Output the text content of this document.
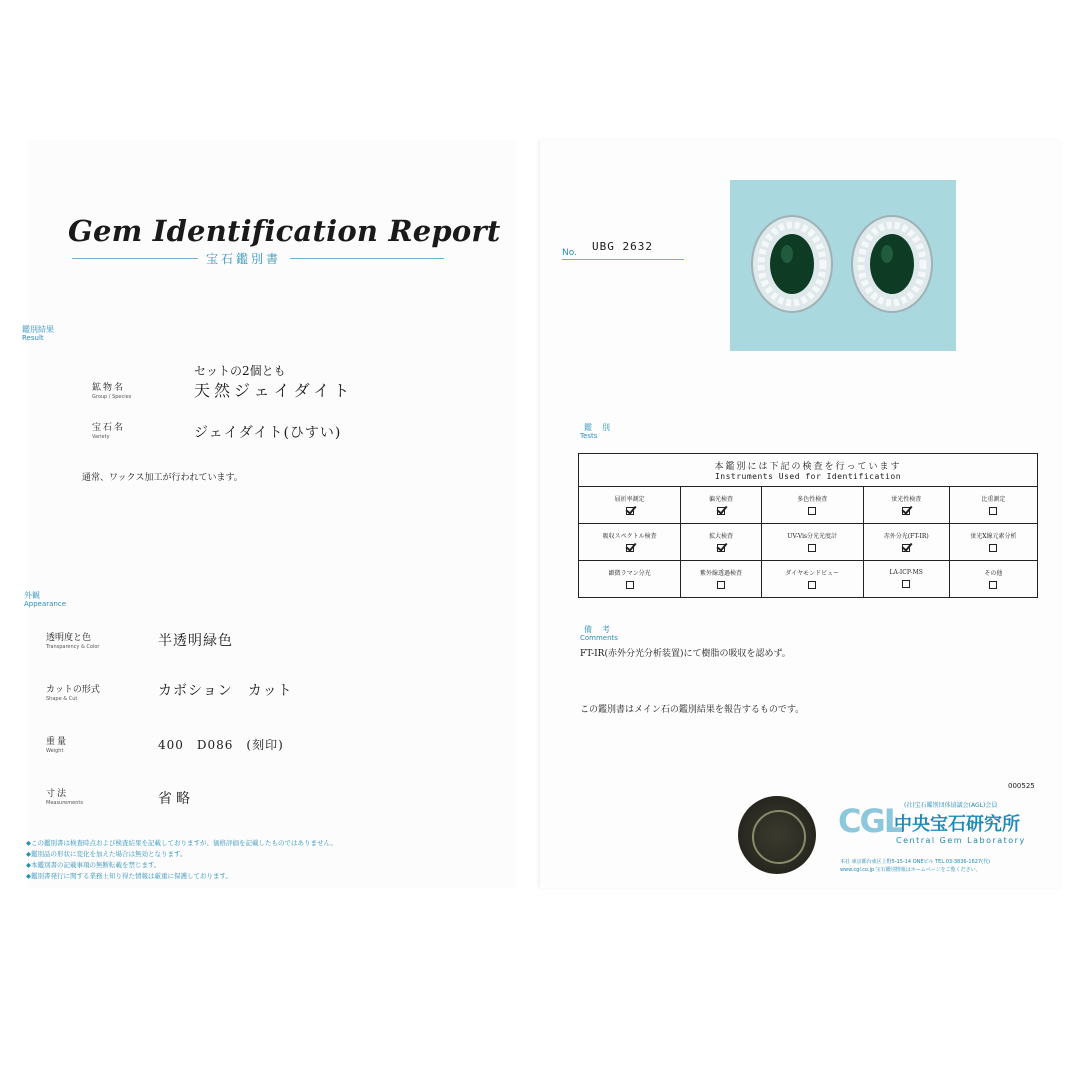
Gem Identification Report
宝石鑑別書
鑑別結果
Result
セットの2個とも
鉱物名
Group / Species	天然ジェイダイト
宝石名
Variety	ジェイダイト(ひすい)
通常、ワックス加工が行われています。
外観
Appearance
透明度と色
Transparency & Color	半透明緑色
カットの形式
Shape & Cut	カボション　カット
重量
Weight	400　D086　(刻印)
寸法
Measurements	省略
◆この鑑別書は検査時点および検査結果を記載しておりますが、価格評価を記載したものではありません。
◆鑑別品の形状に変化を加えた場合は無効となります。
◆本鑑別書の記載事項の無断転載を禁じます。
◆鑑別書発行に関する業務上知り得た情報は厳重に保護しております。
No. UBG 2632
鑑別
Tests
本鑑別には下記の検査を行っています
Instruments Used for Identification				

屈折率測定	偏光検査	多色性検査	蛍光性検査	比重測定

吸収スペクトル検査	拡大検査	UV-Vis分光光度計	赤外分光(FT-IR)	蛍光X線元素分析

顕微ラマン分光	紫外線透過検査	ダイヤモンドビュー	LA-ICP-MS	その他
備考
Comments
FT-IR(赤外分光分析装置)にて樹脂の吸収を認めず。
この鑑別書はメイン石の鑑別結果を報告するものです。
000525
CGL (社)宝石鑑別団体協議会(AGL)会員
中央宝石研究所
Central Gem Laboratory
本社 東京都台東区上野5-15-14 ONEビル TEL.03-3836-1627(代)
www.cgl.co.jp 宝石鑑別情報はホームページをご覧ください。
